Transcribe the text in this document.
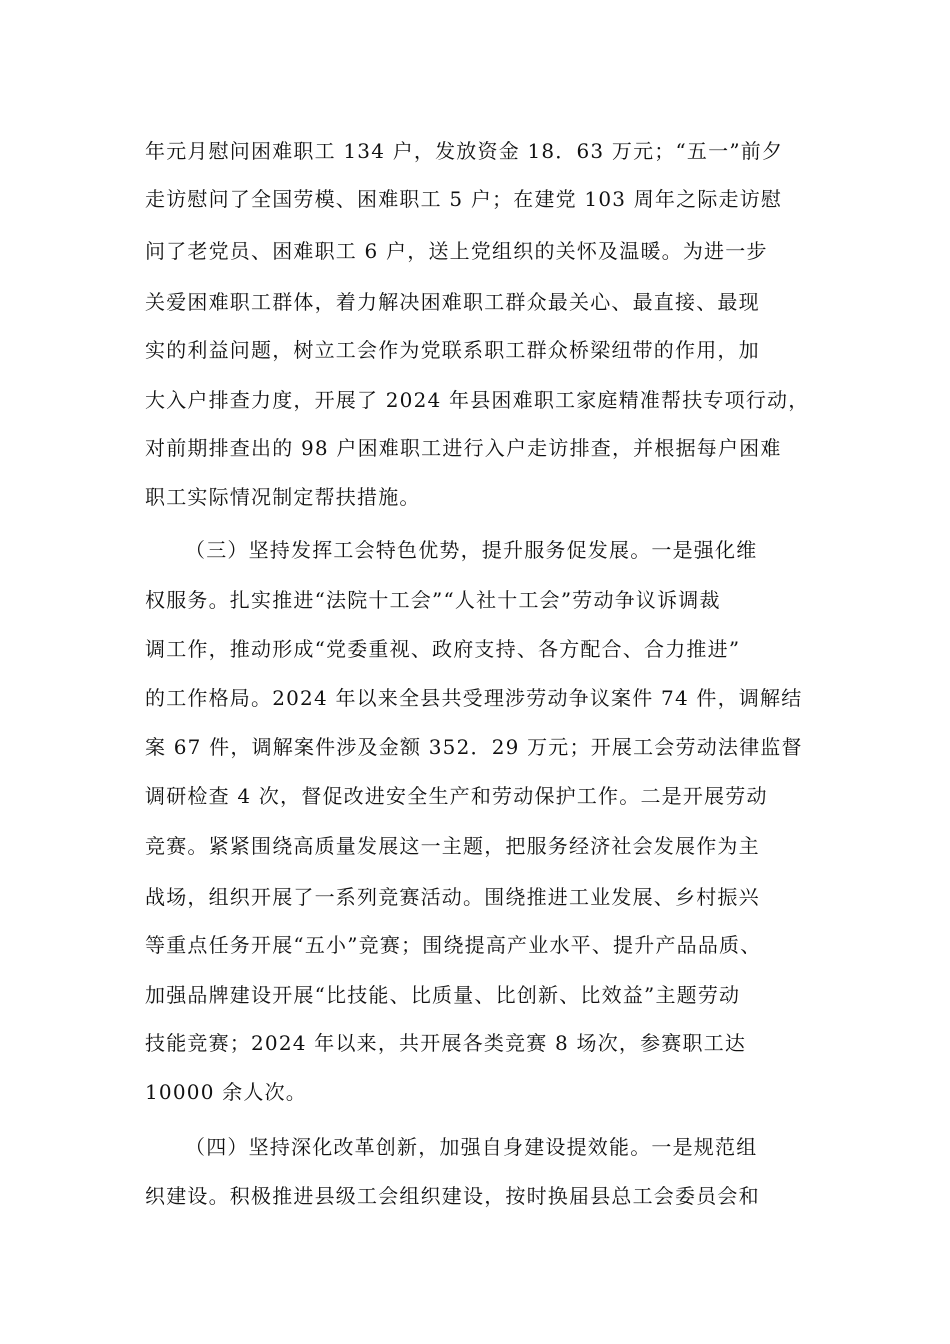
年元月慰问困难职工 134 户，发放资金 18．63 万元；“五一”前夕
走访慰问了全国劳模、困难职工 5 户；在建党 103 周年之际走访慰
问了老党员、困难职工 6 户，送上党组织的关怀及温暖。为进一步
关爱困难职工群体，着力解决困难职工群众最关心、最直接、最现
实的利益问题，树立工会作为党联系职工群众桥梁纽带的作用，加
大入户排查力度，开展了 2024 年县困难职工家庭精准帮扶专项行动，
对前期排查出的 98 户困难职工进行入户走访排查，并根据每户困难
职工实际情况制定帮扶措施。
（三）坚持发挥工会特色优势，提升服务促发展。一是强化维
权服务。扎实推进“法院十工会”“人社十工会”劳动争议诉调裁
调工作，推动形成“党委重视、政府支持、各方配合、合力推进”
的工作格局。2024 年以来全县共受理涉劳动争议案件 74 件，调解结
案 67 件，调解案件涉及金额 352．29 万元；开展工会劳动法律监督
调研检查 4 次，督促改进安全生产和劳动保护工作。二是开展劳动
竞赛。紧紧围绕高质量发展这一主题，把服务经济社会发展作为主
战场，组织开展了一系列竞赛活动。围绕推进工业发展、乡村振兴
等重点任务开展“五小”竞赛；围绕提高产业水平、提升产品品质、
加强品牌建设开展“比技能、比质量、比创新、比效益”主题劳动
技能竞赛；2024 年以来，共开展各类竞赛 8 场次，参赛职工达
10000 余人次。
（四）坚持深化改革创新，加强自身建设提效能。一是规范组
织建设。积极推进县级工会组织建设，按时换届县总工会委员会和
